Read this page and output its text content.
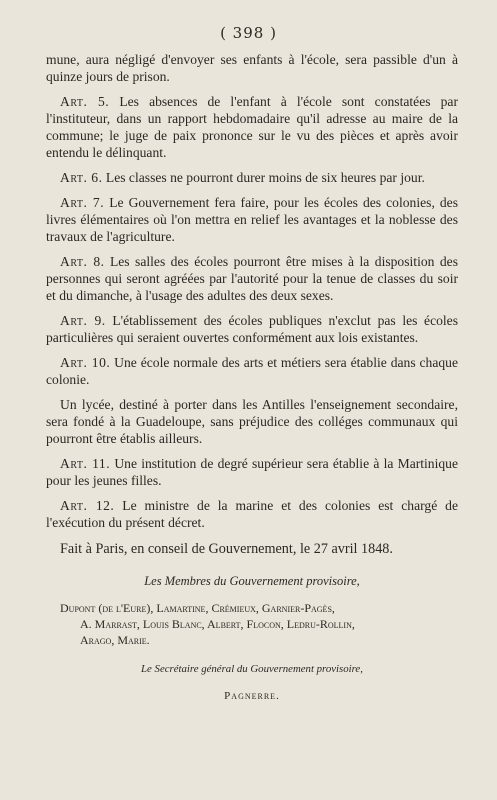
( 398 )

mune, aura négligé d'envoyer ses enfants à l'école, sera passible d'un à quinze jours de prison.

Art. 5. Les absences de l'enfant à l'école sont constatées par l'instituteur, dans un rapport hebdomadaire qu'il adresse au maire de la commune; le juge de paix prononce sur le vu des pièces et après avoir entendu le délinquant.

Art. 6. Les classes ne pourront durer moins de six heures par jour.

Art. 7. Le Gouvernement fera faire, pour les écoles des colonies, des livres élémentaires où l'on mettra en relief les avantages et la noblesse des travaux de l'agriculture.

Art. 8. Les salles des écoles pourront être mises à la disposition des personnes qui seront agréées par l'autorité pour la tenue de classes du soir et du dimanche, à l'usage des adultes des deux sexes.

Art. 9. L'établissement des écoles publiques n'exclut pas les écoles particulières qui seraient ouvertes conformément aux lois existantes.

Art. 10. Une école normale des arts et métiers sera établie dans chaque colonie.

Un lycée, destiné à porter dans les Antilles l'enseignement secondaire, sera fondé à la Guadeloupe, sans préjudice des colléges communaux qui pourront être établis ailleurs.

Art. 11. Une institution de degré supérieur sera établie à la Martinique pour les jeunes filles.

Art. 12. Le ministre de la marine et des colonies est chargé de l'exécution du présent décret.

Fait à Paris, en conseil de Gouvernement, le 27 avril 1848.

Les Membres du Gouvernement provisoire,
Dupont (de l'Eure), Lamartine, Crémieux, Garnier-Pagès,
A. Marrast, Louis Blanc, Albert, Flocon, Ledru-Rollin,
Arago, Marie.
Le Secrétaire général du Gouvernement provisoire,
Pagnerre.
